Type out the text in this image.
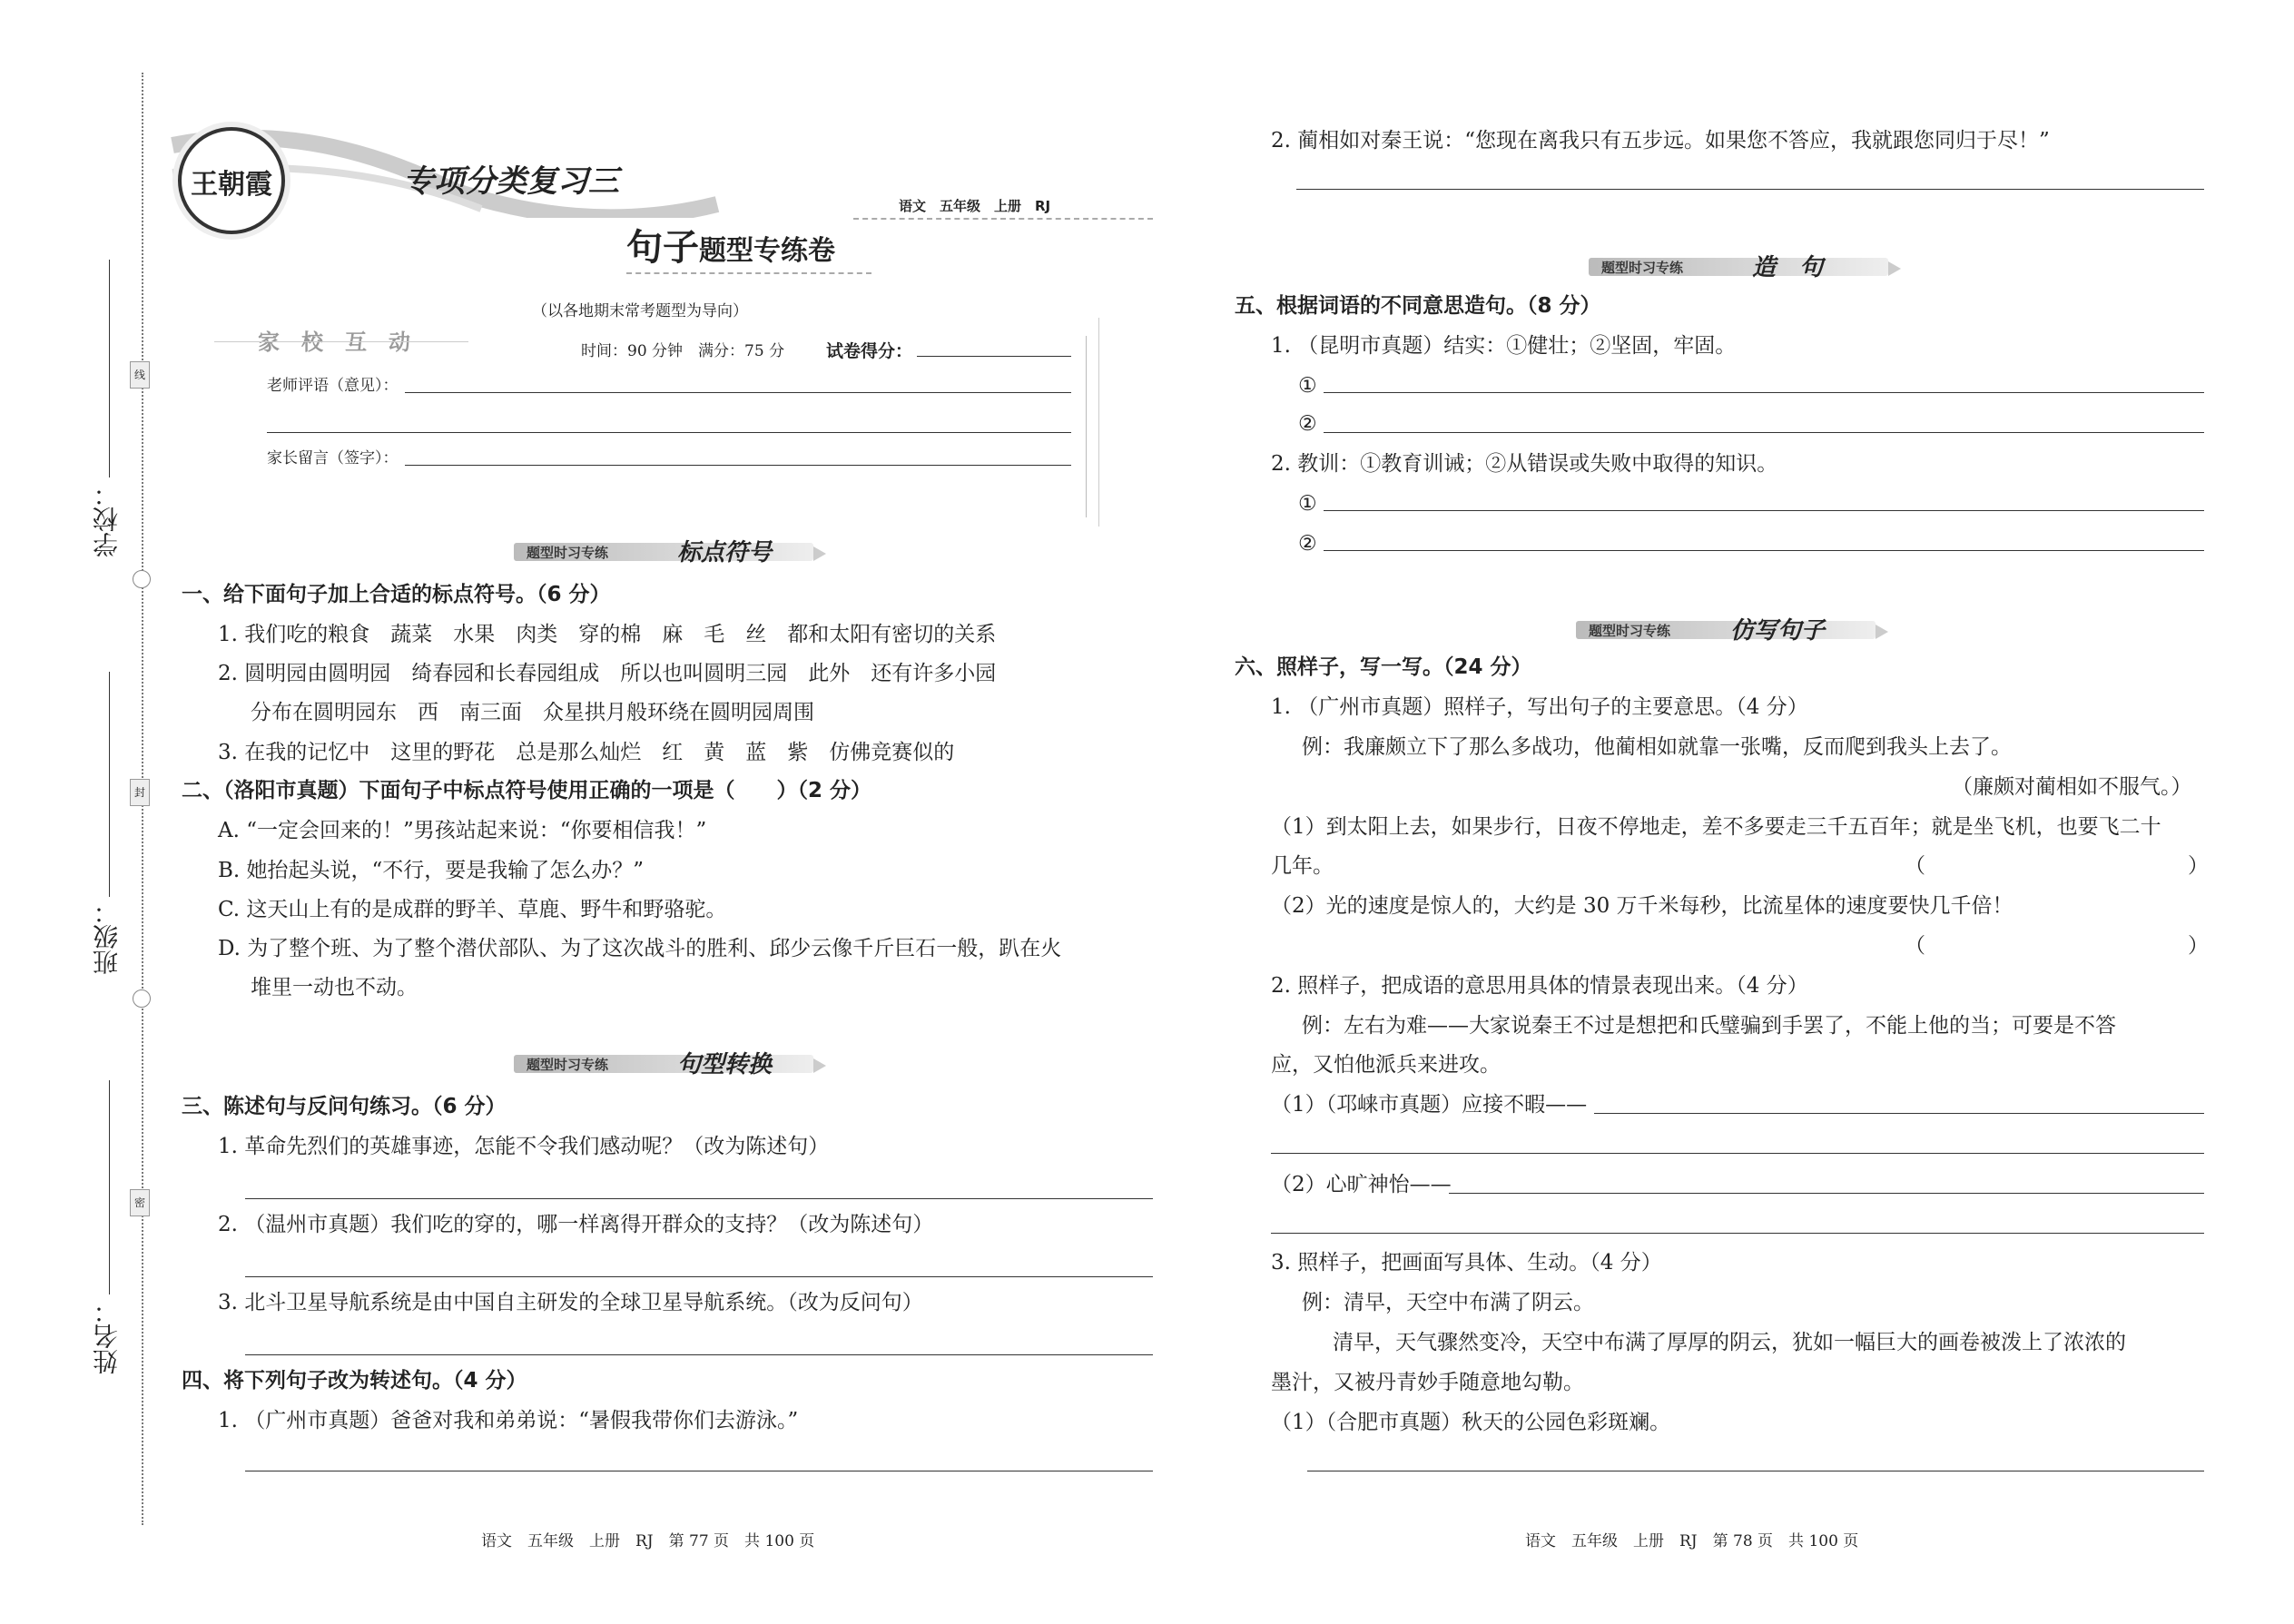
学校：
班级：
姓名：
线
封
密
王朝霞	专项分类复习三
语文　五年级　上册　RJ
句子题型专练卷
（以各地期末常考题型为导向）
家　校　互　动	时间：90 分钟　满分：75 分 试卷得分：
老师评语（意见）：
家长留言（签字）：
题型时习专练	标点符号
一、给下面句子加上合适的标点符号。（6 分）
1. 我们吃的粮食　蔬菜　水果　肉类　穿的棉　麻　毛　丝　都和太阳有密切的关系
2. 圆明园由圆明园　绮春园和长春园组成　所以也叫圆明三园　此外　还有许多小园
分布在圆明园东　西　南三面　众星拱月般环绕在圆明园周围
3. 在我的记忆中　这里的野花　总是那么灿烂　红　黄　蓝　紫　仿佛竞赛似的
二、（洛阳市真题）下面句子中标点符号使用正确的一项是（　　）（2 分）
A. “一定会回来的！”男孩站起来说：“你要相信我！”
B. 她抬起头说，“不行，要是我输了怎么办？”
C. 这天山上有的是成群的野羊、草鹿、野牛和野骆驼。
D. 为了整个班、为了整个潜伏部队、为了这次战斗的胜利、邱少云像千斤巨石一般，趴在火
堆里一动也不动。
题型时习专练	句型转换
三、陈述句与反问句练习。（6 分）
1. 革命先烈们的英雄事迹，怎能不令我们感动呢？（改为陈述句）
2. （温州市真题）我们吃的穿的，哪一样离得开群众的支持？（改为陈述句）
3. 北斗卫星导航系统是由中国自主研发的全球卫星导航系统。（改为反问句）
四、将下列句子改为转述句。（4 分）
1. （广州市真题）爸爸对我和弟弟说：“暑假我带你们去游泳。”
语文　五年级　上册　RJ　第 77 页　共 100 页
2. 蔺相如对秦王说：“您现在离我只有五步远。如果您不答应，我就跟您同归于尽！”
题型时习专练	造　句
五、根据词语的不同意思造句。（8 分）
1. （昆明市真题）结实：①健壮；②坚固，牢固。
①
②
2. 教训：①教育训诫；②从错误或失败中取得的知识。
①
②
题型时习专练	仿写句子
六、照样子，写一写。（24 分）
1. （广州市真题）照样子，写出句子的主要意思。（4 分）
例：我廉颇立下了那么多战功，他蔺相如就靠一张嘴，反而爬到我头上去了。
（廉颇对蔺相如不服气。）
（1）到太阳上去，如果步行，日夜不停地走，差不多要走三千五百年；就是坐飞机，也要飞二十
几年。	（	）
（2）光的速度是惊人的，大约是 30 万千米每秒，比流星体的速度要快几千倍！
（	）
2. 照样子，把成语的意思用具体的情景表现出来。（4 分）
例：左右为难——大家说秦王不过是想把和氏璧骗到手罢了，不能上他的当；可要是不答
应，又怕他派兵来进攻。
（1）（邛崃市真题）应接不暇——
（2）心旷神怡——
3. 照样子，把画面写具体、生动。（4 分）
例：清早，天空中布满了阴云。
清早，天气骤然变冷，天空中布满了厚厚的阴云，犹如一幅巨大的画卷被泼上了浓浓的
墨汁，又被丹青妙手随意地勾勒。
（1）（合肥市真题）秋天的公园色彩斑斓。
语文　五年级　上册　RJ　第 78 页　共 100 页
